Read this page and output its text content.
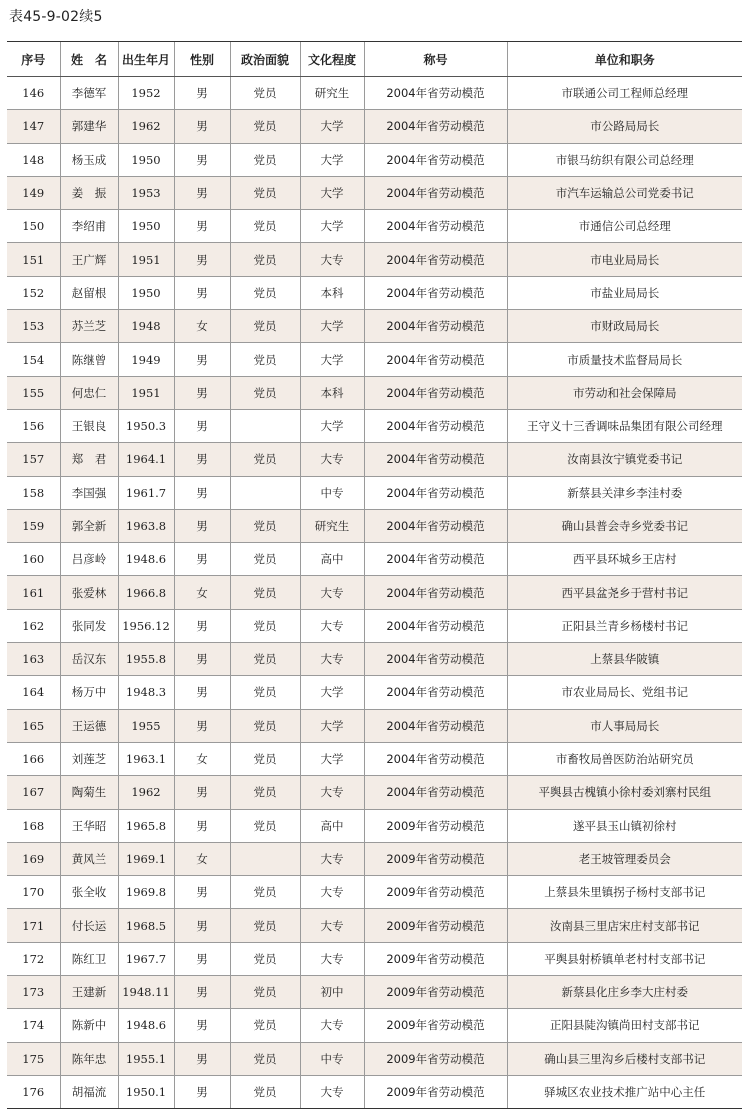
表45-9-02续5
序号	姓　名	出生年月	性别	政治面貌	文化程度	称号	单位和职务
146	李德军	1952	男	党员	研究生	2004年省劳动模范	市联通公司工程师总经理
147	郭建华	1962	男	党员	大学	2004年省劳动模范	市公路局局长
148	杨玉成	1950	男	党员	大学	2004年省劳动模范	市银马纺织有限公司总经理
149	姜　振	1953	男	党员	大学	2004年省劳动模范	市汽车运输总公司党委书记
150	李绍甫	1950	男	党员	大学	2004年省劳动模范	市通信公司总经理
151	王广辉	1951	男	党员	大专	2004年省劳动模范	市电业局局长
152	赵留根	1950	男	党员	本科	2004年省劳动模范	市盐业局局长
153	苏兰芝	1948	女	党员	大学	2004年省劳动模范	市财政局局长
154	陈继曾	1949	男	党员	大学	2004年省劳动模范	市质量技术监督局局长
155	何忠仁	1951	男	党员	本科	2004年省劳动模范	市劳动和社会保障局
156	王银良	1950.3	男		大学	2004年省劳动模范	王守义十三香调味品集团有限公司经理
157	郑　君	1964.1	男	党员	大专	2004年省劳动模范	汝南县汝宁镇党委书记
158	李国强	1961.7	男		中专	2004年省劳动模范	新蔡县关津乡李洼村委
159	郭全新	1963.8	男	党员	研究生	2004年省劳动模范	确山县普会寺乡党委书记
160	吕彦岭	1948.6	男	党员	高中	2004年省劳动模范	西平县环城乡王店村
161	张爱林	1966.8	女	党员	大专	2004年省劳动模范	西平县盆尧乡于营村书记
162	张同发	1956.12	男	党员	大专	2004年省劳动模范	正阳县兰青乡杨楼村书记
163	岳汉东	1955.8	男	党员	大专	2004年省劳动模范	上蔡县华陂镇
164	杨万中	1948.3	男	党员	大学	2004年省劳动模范	市农业局局长、党组书记
165	王运德	1955	男	党员	大学	2004年省劳动模范	市人事局局长
166	刘莲芝	1963.1	女	党员	大学	2004年省劳动模范	市畜牧局兽医防治站研究员
167	陶菊生	1962	男	党员	大专	2004年省劳动模范	平舆县古槐镇小徐村委刘寨村民组
168	王华昭	1965.8	男	党员	高中	2009年省劳动模范	遂平县玉山镇初徐村
169	黄风兰	1969.1	女		大专	2009年省劳动模范	老王坡管理委员会
170	张全收	1969.8	男	党员	大专	2009年省劳动模范	上蔡县朱里镇拐子杨村支部书记
171	付长运	1968.5	男	党员	大专	2009年省劳动模范	汝南县三里店宋庄村支部书记
172	陈红卫	1967.7	男	党员	大专	2009年省劳动模范	平舆县射桥镇单老村村支部书记
173	王建新	1948.11	男	党员	初中	2009年省劳动模范	新蔡县化庄乡李大庄村委
174	陈新中	1948.6	男	党员	大专	2009年省劳动模范	正阳县陡沟镇尚田村支部书记
175	陈年忠	1955.1	男	党员	中专	2009年省劳动模范	确山县三里沟乡后楼村支部书记
176	胡福流	1950.1	男	党员	大专	2009年省劳动模范	驿城区农业技术推广站中心主任
